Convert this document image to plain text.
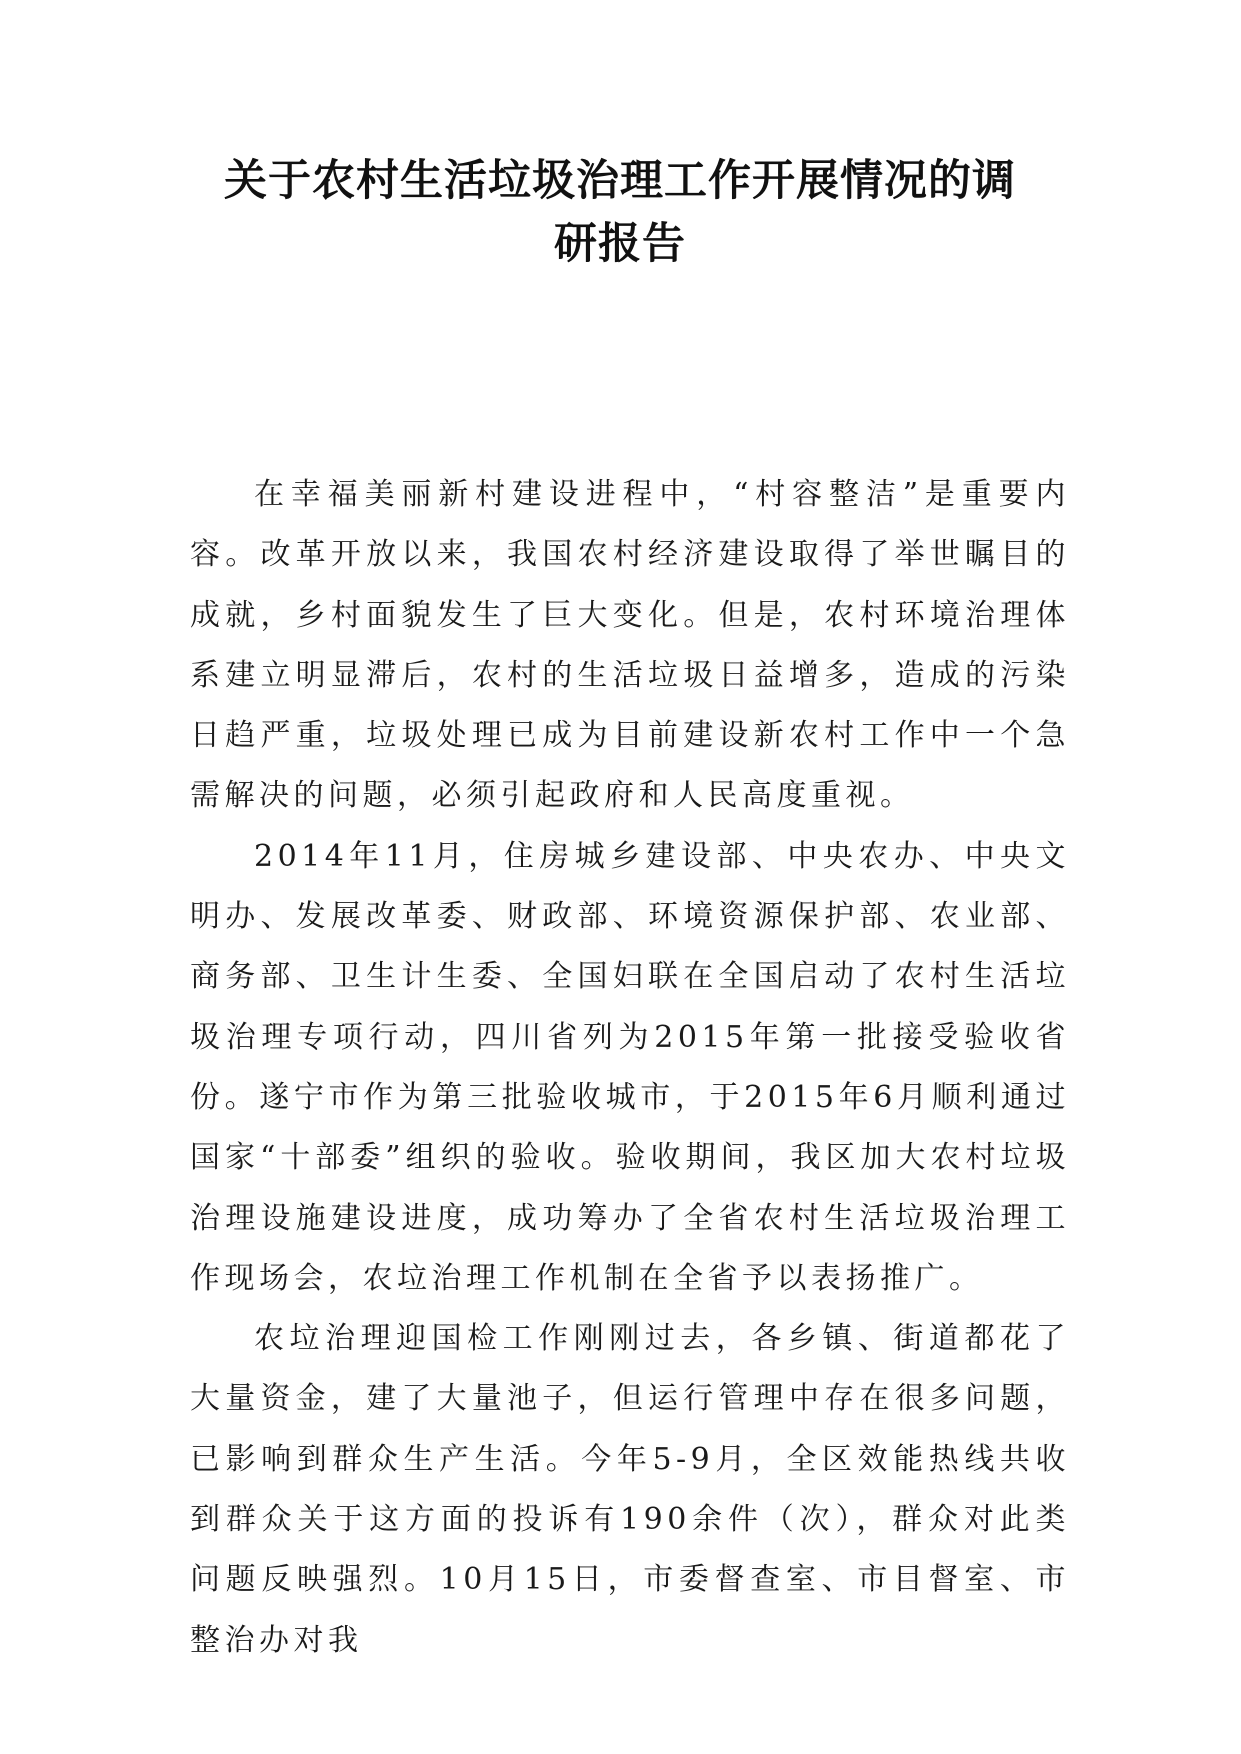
关于农村生活垃圾治理工作开展情况的调
研报告

在幸福美丽新村建设进程中，“村容整洁”是重要内容。改革开放以来，我国农村经济建设取得了举世瞩目的成就，乡村面貌发生了巨大变化。但是，农村环境治理体系建立明显滞后，农村的生活垃圾日益增多，造成的污染日趋严重，垃圾处理已成为目前建设新农村工作中一个急需解决的问题，必须引起政府和人民高度重视。

2014年11月，住房城乡建设部、中央农办、中央文明办、发展改革委、财政部、环境资源保护部、农业部、商务部、卫生计生委、全国妇联在全国启动了农村生活垃圾治理专项行动，四川省列为2015年第一批接受验收省份。遂宁市作为第三批验收城市，于2015年6月顺利通过国家“十部委”组织的验收。验收期间，我区加大农村垃圾治理设施建设进度，成功筹办了全省农村生活垃圾治理工作现场会，农垃治理工作机制在全省予以表扬推广。

农垃治理迎国检工作刚刚过去，各乡镇、街道都花了大量资金，建了大量池子，但运行管理中存在很多问题，已影响到群众生产生活。今年5-9月，全区效能热线共收到群众关于这方面的投诉有190余件（次），群众对此类问题反映强烈。10月15日，市委督查室、市目督室、市整治办对我
